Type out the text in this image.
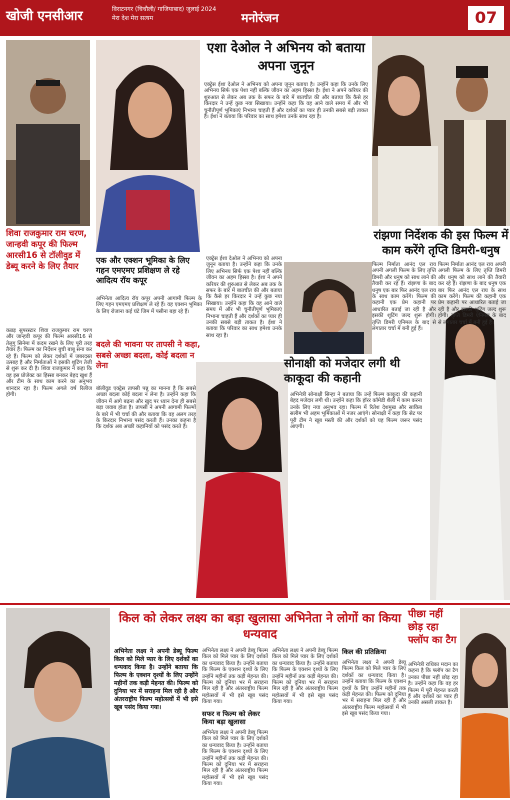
खोजी एनसीआर	विराटनगर (चिचौली/ गाजियाबाद) जुलाई 2024
मेरा देश मेरा सत्यम	मनोरंजन	07
शिवा राजकुमार राम चरण, जान्हवी कपूर की फिल्म आरसी16 से टॉलीवुड में डेब्यू करने के लिए तैयार
कन्नड़ सुपरस्टार शिवा राजकुमार राम चरण और जान्हवी कपूर की फिल्म आरसी16 से तेलुगु सिनेमा में कदम रखने के लिए पूरी तरह तैयार हैं। फिल्म का निर्देशन बुची बाबू सना कर रहे हैं। फिल्म को लेकर दर्शकों में जबरदस्त उत्साह है और निर्माताओं ने इसकी शूटिंग तेजी से शुरू कर दी है। शिवा राजकुमार ने कहा कि वह इस प्रोजेक्ट का हिस्सा बनकर बेहद खुश हैं और टीम के साथ काम करने का अनुभव शानदार रहा है। फिल्म अगले वर्ष रिलीज होगी।
एशा देओल ने अभिनय को बताया अपना जुनून
एक्ट्रेस ईशा देओल ने अभिनय को अपना जुनून बताया है। उन्होंने कहा कि उनके लिए अभिनय सिर्फ एक पेशा नहीं बल्कि जीवन का अहम हिस्सा है। ईशा ने अपने करियर की शुरुआत से लेकर अब तक के सफर के बारे में बातचीत की और बताया कि कैसे हर किरदार ने उन्हें कुछ नया सिखाया। उन्होंने कहा कि वह आने वाले समय में और भी चुनौतीपूर्ण भूमिकाएं निभाना चाहती हैं और दर्शकों का प्यार ही उनकी सबसे बड़ी ताकत है। ईशा ने बताया कि परिवार का साथ हमेशा उनके साथ रहा है।
रांझणा निर्देशक की इस फिल्म में काम करेंगे तृप्ति डिमरी-धनुष
एक और एक्शन भूमिका के लिए गहन एमएमए प्रशिक्षण ले रहे आदित्य रॉय कपूर
अभिनेता आदित्य रॉय कपूर अपनी आगामी फिल्म के लिए गहन एमएमए प्रशिक्षण ले रहे हैं। वह एक्शन भूमिका के लिए रोजाना कई घंटे जिम में पसीना बहा रहे हैं।
बदले की भावना पर तापसी ने कहा, सबसे अच्छा बदला, कोई बदला न लेना
बॉलीवुड एक्ट्रेस तापसी पन्नू का मानना है कि सबसे अच्छा बदला कोई बदला न लेना है। उन्होंने कहा कि जीवन में आगे बढ़ना और खुद पर ध्यान देना ही सबसे बड़ा जवाब होता है। तापसी ने अपनी आगामी फिल्मों के बारे में भी चर्चा की और बताया कि वह अलग तरह के किरदार निभाना पसंद करती हैं। उनका कहना है कि दर्शक अब अच्छी कहानियों को पसंद करते हैं।
एक्ट्रेस ईशा देओल ने अभिनय को अपना जुनून बताया है। उन्होंने कहा कि उनके लिए अभिनय सिर्फ एक पेशा नहीं बल्कि जीवन का अहम हिस्सा है। ईशा ने अपने करियर की शुरुआत से लेकर अब तक के सफर के बारे में बातचीत की और बताया कि कैसे हर किरदार ने उन्हें कुछ नया सिखाया। उन्होंने कहा कि वह आने वाले समय में और भी चुनौतीपूर्ण भूमिकाएं निभाना चाहती हैं और दर्शकों का प्यार ही उनकी सबसे बड़ी ताकत है। ईशा ने बताया कि परिवार का साथ हमेशा उनके साथ रहा है।
सोनाक्षी को मजेदार लगी थी काकूदा की कहानी
अभिनेत्री सोनाक्षी सिन्हा ने बताया कि उन्हें फिल्म काकूदा की कहानी बेहद मजेदार लगी थी। उन्होंने कहा कि हॉरर कॉमेडी शैली में काम करना उनके लिए नया अनुभव रहा। फिल्म में रितेश देशमुख और साकिब सलीम भी अहम भूमिकाओं में नजर आएंगे। सोनाक्षी ने कहा कि सेट पर पूरी टीम ने खूब मस्ती की और दर्शकों को यह फिल्म जरूर पसंद आएगी।
फिल्म निर्माता आनंद एल राय अपनी अगली फिल्म के लिए तृप्ति डिमरी और धनुष को साथ लाने की तैयारी कर रहे हैं। रांझणा के बाद धनुष एक बार फिर आनंद एल राय के साथ काम करेंगे। फिल्म की कहानी एक प्रेम कहानी पर आधारित बताई जा रही है और इसकी शूटिंग जल्द शुरू होगी। तृप्ति डिमरी एनिमल के बाद से लगातार चर्चा में बनी हुई हैं।
फिल्म निर्माता आनंद एल राय अपनी अगली फिल्म के लिए तृप्ति डिमरी और धनुष को साथ लाने की तैयारी कर रहे हैं। रांझणा के बाद धनुष एक बार फिर आनंद एल राय के साथ काम करेंगे। फिल्म की कहानी एक प्रेम कहानी पर आधारित बताई जा रही है और इसकी शूटिंग जल्द शुरू होगी। तृप्ति डिमरी एनिमल के बाद से लगातार चर्चा में बनी हुई हैं।
किल को लेकर लक्ष्य का बड़ा खुलासा अभिनेता ने लोगों का किया धन्यवाद
अभिनेता लक्ष्य ने अपनी डेब्यू फिल्म किल को मिले प्यार के लिए दर्शकों का धन्यवाद किया है। उन्होंने बताया कि फिल्म के एक्शन दृश्यों के लिए उन्होंने महीनों तक कड़ी मेहनत की। फिल्म को दुनिया भर में सराहना मिल रही है और अंतरराष्ट्रीय फिल्म महोत्सवों में भी इसे खूब पसंद किया गया।
अभिनेता लक्ष्य ने अपनी डेब्यू फिल्म किल को मिले प्यार के लिए दर्शकों का धन्यवाद किया है। उन्होंने बताया कि फिल्म के एक्शन दृश्यों के लिए उन्होंने महीनों तक कड़ी मेहनत की। फिल्म को दुनिया भर में सराहना मिल रही है और अंतरराष्ट्रीय फिल्म महोत्सवों में भी इसे खूब पसंद किया गया।
सफर व फिल्म को लेकर किया बड़ा खुलासा
अभिनेता लक्ष्य ने अपनी डेब्यू फिल्म किल को मिले प्यार के लिए दर्शकों का धन्यवाद किया है। उन्होंने बताया कि फिल्म के एक्शन दृश्यों के लिए उन्होंने महीनों तक कड़ी मेहनत की। फिल्म को दुनिया भर में सराहना मिल रही है और अंतरराष्ट्रीय फिल्म महोत्सवों में भी इसे खूब पसंद किया गया।
अभिनेता लक्ष्य ने अपनी डेब्यू फिल्म किल को मिले प्यार के लिए दर्शकों का धन्यवाद किया है। उन्होंने बताया कि फिल्म के एक्शन दृश्यों के लिए उन्होंने महीनों तक कड़ी मेहनत की। फिल्म को दुनिया भर में सराहना मिल रही है और अंतरराष्ट्रीय फिल्म महोत्सवों में भी इसे खूब पसंद किया गया।
किल की प्रतिक्रिया
अभिनेता लक्ष्य ने अपनी डेब्यू फिल्म किल को मिले प्यार के लिए दर्शकों का धन्यवाद किया है। उन्होंने बताया कि फिल्म के एक्शन दृश्यों के लिए उन्होंने महीनों तक कड़ी मेहनत की। फिल्म को दुनिया भर में सराहना मिल रही है और अंतरराष्ट्रीय फिल्म महोत्सवों में भी इसे खूब पसंद किया गया।
पीछा नहीं छोड़ रहा फ्लॉप का टैग
अभिनेत्री राधिका मदान का कहना है कि फ्लॉप का टैग उनका पीछा नहीं छोड़ रहा है। उन्होंने कहा कि वह हर फिल्म में पूरी मेहनत करती हैं और दर्शकों का प्यार ही उनकी असली ताकत है।
